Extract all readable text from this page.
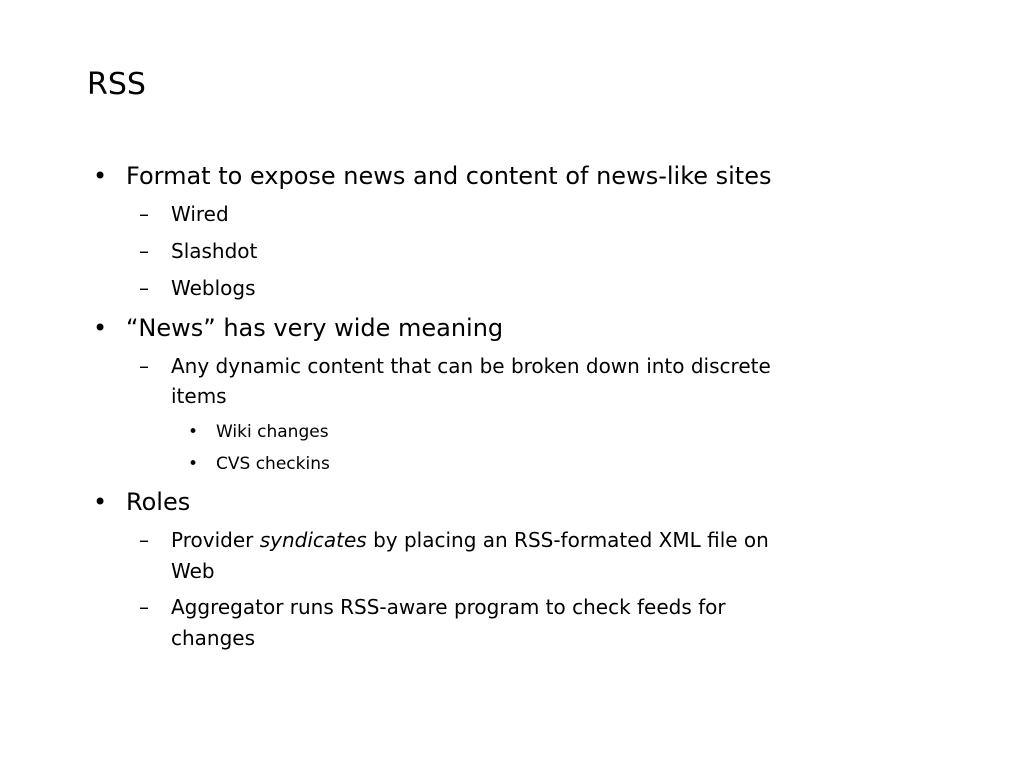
RSS
• Format to expose news and content of news-like sites
– Wired
– Slashdot
– Weblogs
• “News” has very wide meaning
– Any dynamic content that can be broken down into discrete
items
• Wiki changes
• CVS checkins
• Roles
– Provider syndicates by placing an RSS-formated XML file on
Web
– Aggregator runs RSS-aware program to check feeds for
changes
